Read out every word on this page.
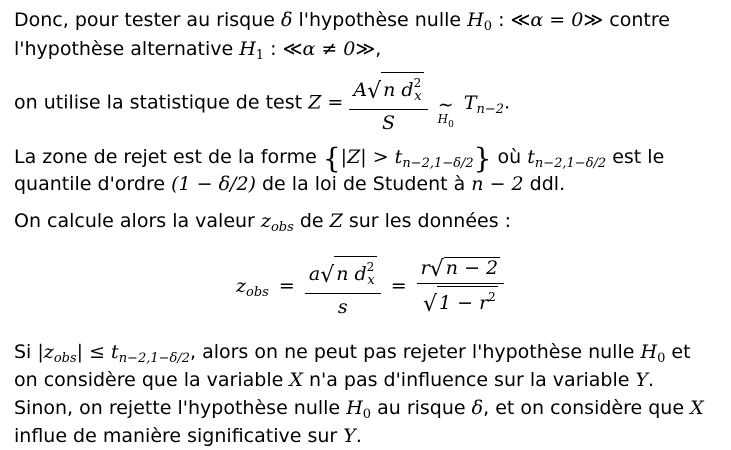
Donc, pour tester au risque δ l'hypothèse nulle $H_0$ : ≪α = 0≫ contre
l'hypothèse alternative $H_1$ : ≪α ≠ 0≫,
on utilise la statistique de test $Z = \frac{A√ n d^2_x}{S}$
∼
$H_0$
$T_{n-2}$.
La zone de rejet est de la forme $\{|Z| > t_{n-2,1-\delta/2}\}$ où $t_{n-2,1-\delta/2}$ est le
quantile d'ordre (1 − δ/2) de la loi de Student à n − 2 ddl.
On calcule alors la valeur $z_{obs}$ de Z sur les données :
$z_{obs} = \frac{a√ n d^2_x}{s} = \frac{r√ n - 2}{√ 1 - r^2}$
Si $|z_{obs}| \le t_{n-2,1-\delta/2}$, alors on ne peut pas rejeter l'hypothèse nulle $H_0$ et
on considère que la variable X n'a pas d'influence sur la variable Y.
Sinon, on rejette l'hypothèse nulle $H_0$ au risque δ, et on considère que X
influe de manière significative sur Y.
